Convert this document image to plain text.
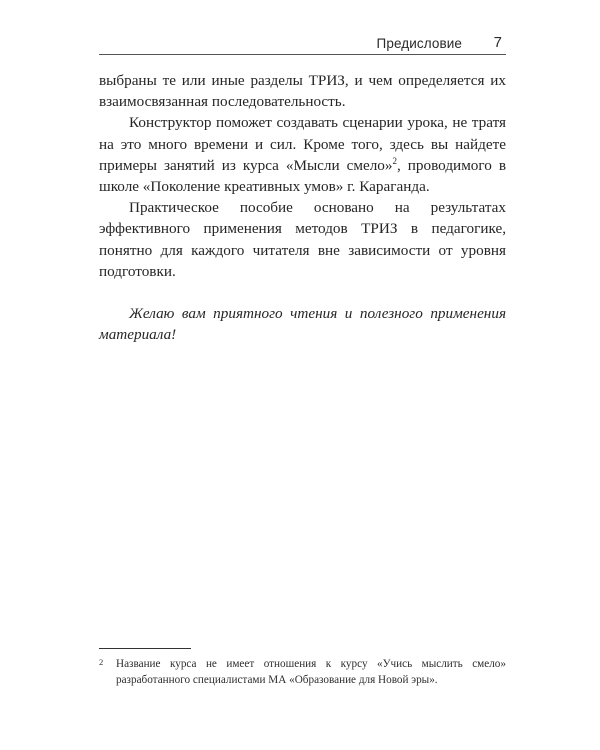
Предисловие 7

выбраны те или иные разделы ТРИЗ, и чем определяется их взаимосвязанная последовательность.

Конструктор поможет создавать сценарии урока, не тратя на это много времени и сил. Кроме того, здесь вы найдете примеры занятий из курса «Мысли смело»$^2$, проводимого в школе «Поколение креативных умов» г. Караганда.

Практическое пособие основано на результатах эффективного применения методов ТРИЗ в педагогике, понятно для каждого читателя вне зависимости от уровня подготовки.

Желаю вам приятного чтения и полезного применения материала!

2 Название курса не имеет отношения к курсу «Учись мыслить смело» разработанного специалистами МА «Образование для Новой эры».
